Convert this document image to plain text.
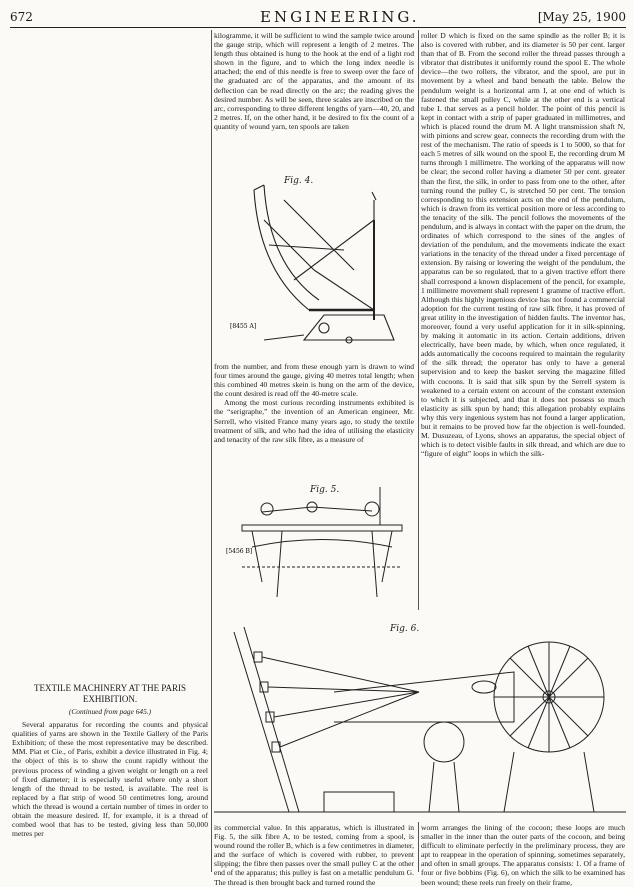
672	ENGINEERING.	[May 25, 1900

kilogramme, it will be sufficient to wind the sample twice around the gauge strip, which will represent a length of 2 metres. The length thus obtained is hung to the hook at the end of a light rod shown in the figure, and to which the long index needle is attached; the end of this needle is free to sweep over the face of the graduated arc of the apparatus, and the amount of its deflection can be read directly on the arc; the reading gives the desired number. As will be seen, three scales are inscribed on the arc, corresponding to three different lengths of yarn—40, 20, and 2 metres. If, on the other hand, it be desired to fix the count of a quantity of wound yarn, ten spools are taken

[8455 A]
Fig. 4.

from the number, and from these enough yarn is drawn to wind four times around the gauge, giving 40 metres total length; when this combined 40 metres skein is hung on the arm of the device, the count desired is read off the 40-metre scale.

Among the most curious recording instruments exhibited is the “serigraphe,” the invention of an American engineer, Mr. Serrell, who visited France many years ago, to study the textile treatment of silk, and who had the idea of utilising the elasticity and tenacity of the raw silk fibre, as a measure of

[5456 B]
Fig. 5.

roller D which is fixed on the same spindle as the roller B; it is also is covered with rubber, and its diameter is 50 per cent. larger than that of B. From the second roller the thread passes through a vibrator that distributes it uniformly round the spool E. The whole device—the two rollers, the vibrator, and the spool, are put in movement by a wheel and band beneath the table. Below the pendulum weight is a horizontal arm I, at one end of which is fastened the small pulley C, while at the other end is a vertical tube L that serves as a pencil holder. The point of this pencil is kept in contact with a strip of paper graduated in millimetres, and which is placed round the drum M. A light transmission shaft N, with pinions and screw gear, connects the recording drum with the rest of the mechanism. The ratio of speeds is 1 to 5000, so that for each 5 metres of silk wound on the spool E, the recording drum M turns through 1 millimetre. The working of the apparatus will now be clear; the second roller having a diameter 50 per cent. greater than the first, the silk, in order to pass from one to the other, after turning round the pulley C, is stretched 50 per cent. The tension corresponding to this extension acts on the end of the pendulum, which is drawn from its vertical position more or less according to the tenacity of the silk. The pencil follows the movements of the pendulum, and is always in contact with the paper on the drum, the ordinates of which correspond to the sines of the angles of deviation of the pendulum, and the movements indicate the exact variations in the tenacity of the thread under a fixed percentage of extension. By raising or lowering the weight of the pendulum, the apparatus can be so regulated, that to a given tractive effort there shall correspond a known displacement of the pencil, for example, 1 millimetre movement shall represent 1 gramme of tractive effort. Although this highly ingenious device has not found a commercial adoption for the current testing of raw silk fibre, it has proved of great utility in the investigation of hidden faults. The inventor has, moreover, found a very useful application for it in silk-spinning, by making it automatic in its action. Certain additions, driven electrically, have been made, by which, when once regulated, it adds automatically the cocoons required to maintain the regularity of the silk thread; the operator has only to have a general supervision and to keep the basket serving the magazine filled with cocoons. It is said that silk spun by the Serrell system is weakened to a certain extent on account of the constant extension to which it is subjected, and that it does not possess so much elasticity as silk spun by hand; this allegation probably explains why this very ingenious system has not found a larger application, but it remains to be proved how far the objection is well-founded. M. Dusuzeau, of Lyons, shows an apparatus, the special object of which is to detect visible faults in silk thread, and which are due to “figure of eight” loops in which the silk-

TEXTILE MACHINERY AT THE PARIS EXHIBITION.
(Continued from page 645.)

Several apparatus for recording the counts and physical qualities of yarns are shown in the Textile Gallery of the Paris Exhibition; of these the most representative may be described. MM. Piat et Cie., of Paris, exhibit a device illustrated in Fig. 4; the object of this is to show the count rapidly without the previous process of winding a given weight or length on a reel of fixed diameter; it is especially useful where only a short length of the thread to be tested, is available. The reel is replaced by a flat strip of wood 50 centimetres long, around which the thread is wound a certain number of times in order to obtain the measure desired. If, for example, it is a thread of combed wool that has to be tested, giving less than 50,000 metres per

Fig. 6.

its commercial value. In this apparatus, which is illustrated in Fig. 5, the silk fibre A, to be tested, coming from a spool, is wound round the roller B, which is a few centimetres in diameter, and the surface of which is covered with rubber, to prevent slipping; the fibre then passes over the small pulley C at the other end of the apparatus; this pulley is fast on a metallic pendulum G. The thread is then brought back and turned round the

worm arranges the lining of the cocoon; these loops are much smaller in the inner than the outer parts of the cocoon, and being difficult to eliminate perfectly in the preliminary process, they are apt to reappear in the operation of spinning, sometimes separately, and often in small groups. The apparatus consists: 1. Of a frame of four or five bobbins (Fig. 6), on which the silk to be examined has been wound; these reels run freely on their frame,
